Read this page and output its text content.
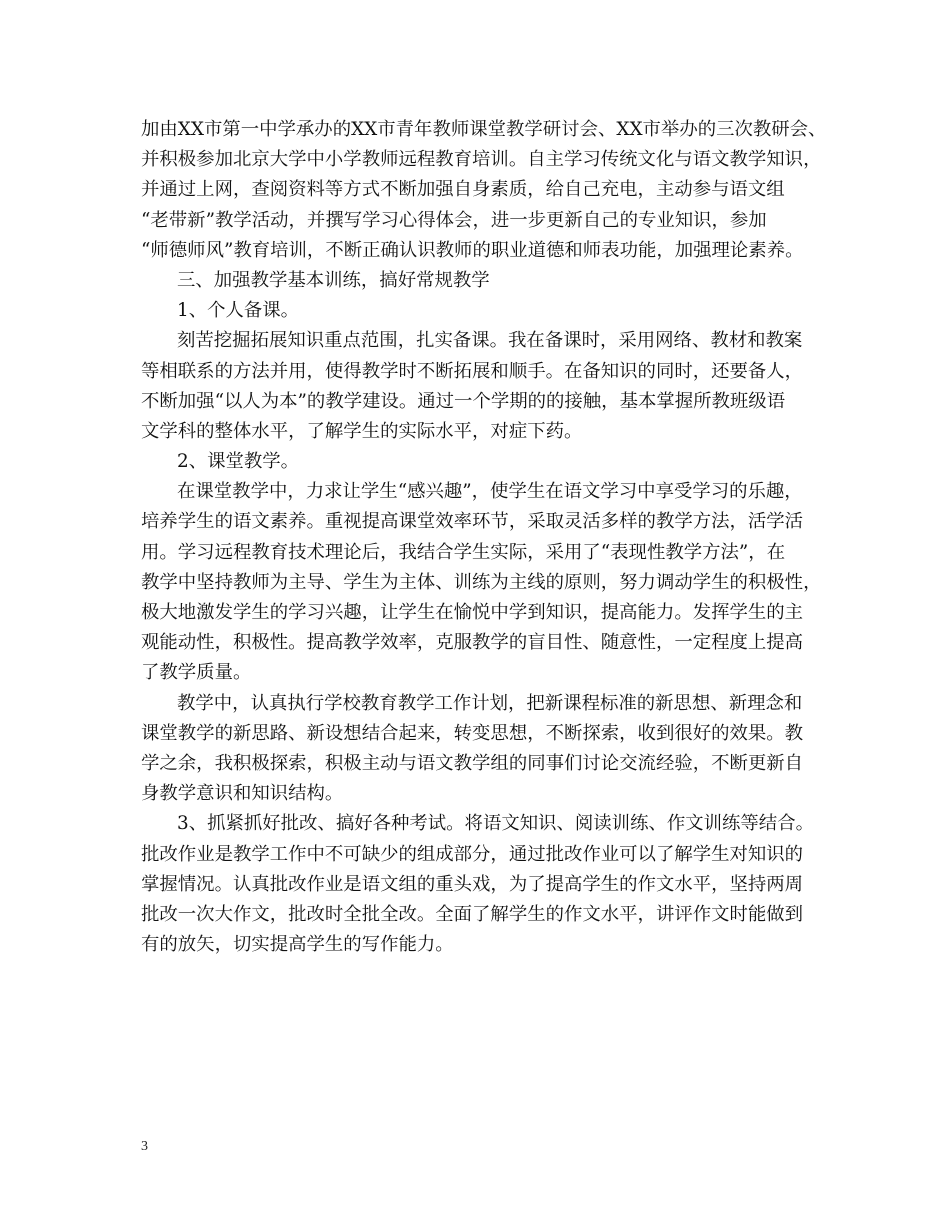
加由XX市第一中学承办的XX市青年教师课堂教学研讨会、XX市举办的三次教研会、
并积极参加北京大学中小学教师远程教育培训。自主学习传统文化与语文教学知识，
并通过上网，查阅资料等方式不断加强自身素质，给自己充电，主动参与语文组
“老带新”教学活动，并撰写学习心得体会，进一步更新自己的专业知识，参加
“师德师风”教育培训，不断正确认识教师的职业道德和师表功能，加强理论素养。
三、加强教学基本训练，搞好常规教学
1、个人备课。
刻苦挖掘拓展知识重点范围，扎实备课。我在备课时，采用网络、教材和教案
等相联系的方法并用，使得教学时不断拓展和顺手。在备知识的同时，还要备人，
不断加强“以人为本”的教学建设。通过一个学期的的接触，基本掌握所教班级语
文学科的整体水平，了解学生的实际水平，对症下药。
2、课堂教学。
在课堂教学中，力求让学生“感兴趣”，使学生在语文学习中享受学习的乐趣，
培养学生的语文素养。重视提高课堂效率环节，采取灵活多样的教学方法，活学活
用。学习远程教育技术理论后，我结合学生实际，采用了“表现性教学方法”，在
教学中坚持教师为主导、学生为主体、训练为主线的原则，努力调动学生的积极性，
极大地激发学生的学习兴趣，让学生在愉悦中学到知识，提高能力。发挥学生的主
观能动性，积极性。提高教学效率，克服教学的盲目性、随意性，一定程度上提高
了教学质量。
教学中，认真执行学校教育教学工作计划，把新课程标准的新思想、新理念和
课堂教学的新思路、新设想结合起来，转变思想，不断探索，收到很好的效果。教
学之余，我积极探索，积极主动与语文教学组的同事们讨论交流经验，不断更新自
身教学意识和知识结构。
3、抓紧抓好批改、搞好各种考试。将语文知识、阅读训练、作文训练等结合。
批改作业是教学工作中不可缺少的组成部分，通过批改作业可以了解学生对知识的
掌握情况。认真批改作业是语文组的重头戏，为了提高学生的作文水平，坚持两周
批改一次大作文，批改时全批全改。全面了解学生的作文水平，讲评作文时能做到
有的放矢，切实提高学生的写作能力。
3
